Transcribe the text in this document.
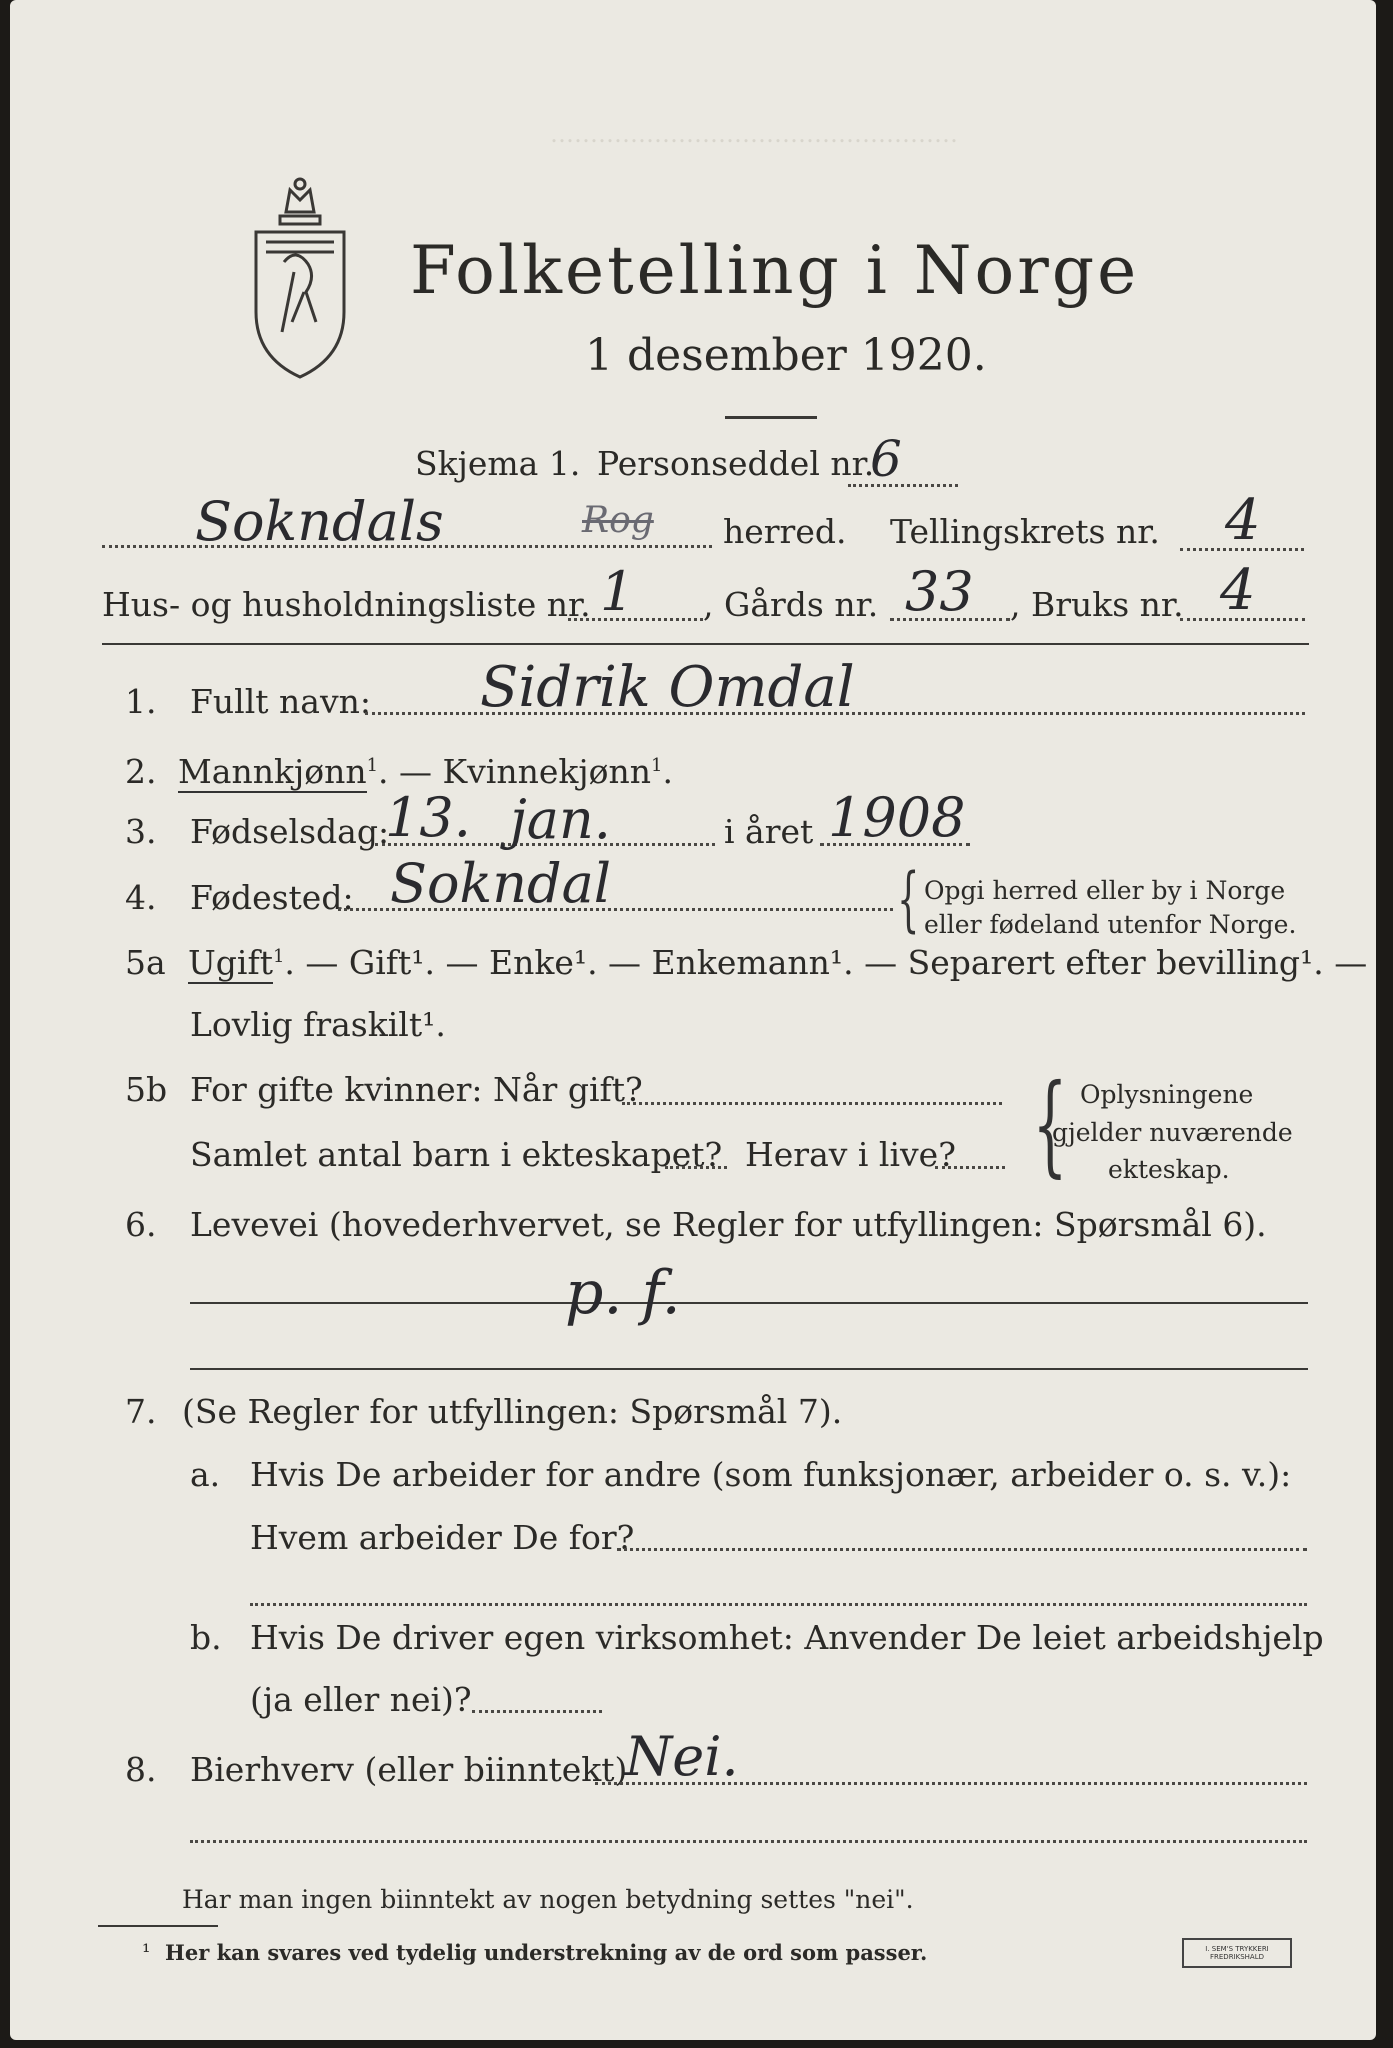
……………………………………………
Folketelling i Norge
1 desember 1920.
Skjema 1. Personseddel nr.
6
Sokndals	Rog herred. Tellingskrets nr. 4
Hus- og husholdningsliste nr. 1 , Gårds nr. 33 , Bruks nr. 4
1. Fullt navn: Sidrik Omdal
2. Mannkjønn$^1$. — Kvinnekjønn$^1$.
3. Fødselsdag:
13. jan.	i året 1908
4. Fødested: Sokndal	{ Opgi herred eller by i Norge
eller fødeland utenfor Norge.
5a Ugift$^1$. — Gift¹. — Enke¹. — Enkemann¹. — Separert efter bevilling¹. —
Lovlig fraskilt¹.
5b For gifte kvinner: Når gift?
Samlet antal barn i ekteskapet? Herav i live? { Oplysningene
gjelder nuværende
ekteskap.
6. Levevei (hovederhvervet, se Regler for utfyllingen: Spørsmål 6).
p. f.
7. (Se Regler for utfyllingen: Spørsmål 7).
a. Hvis De arbeider for andre (som funksjonær, arbeider o. s. v.):
Hvem arbeider De for?
b. Hvis De driver egen virksomhet: Anvender De leiet arbeidshjelp
(ja eller nei)?
8. Bierhverv (eller biinntekt)
Nei.
Har man ingen biinntekt av nogen betydning settes "nei".
¹ Her kan svares ved tydelig understrekning av de ord som passer.	I. SEM'S TRYKKERI FREDRIKSHALD
